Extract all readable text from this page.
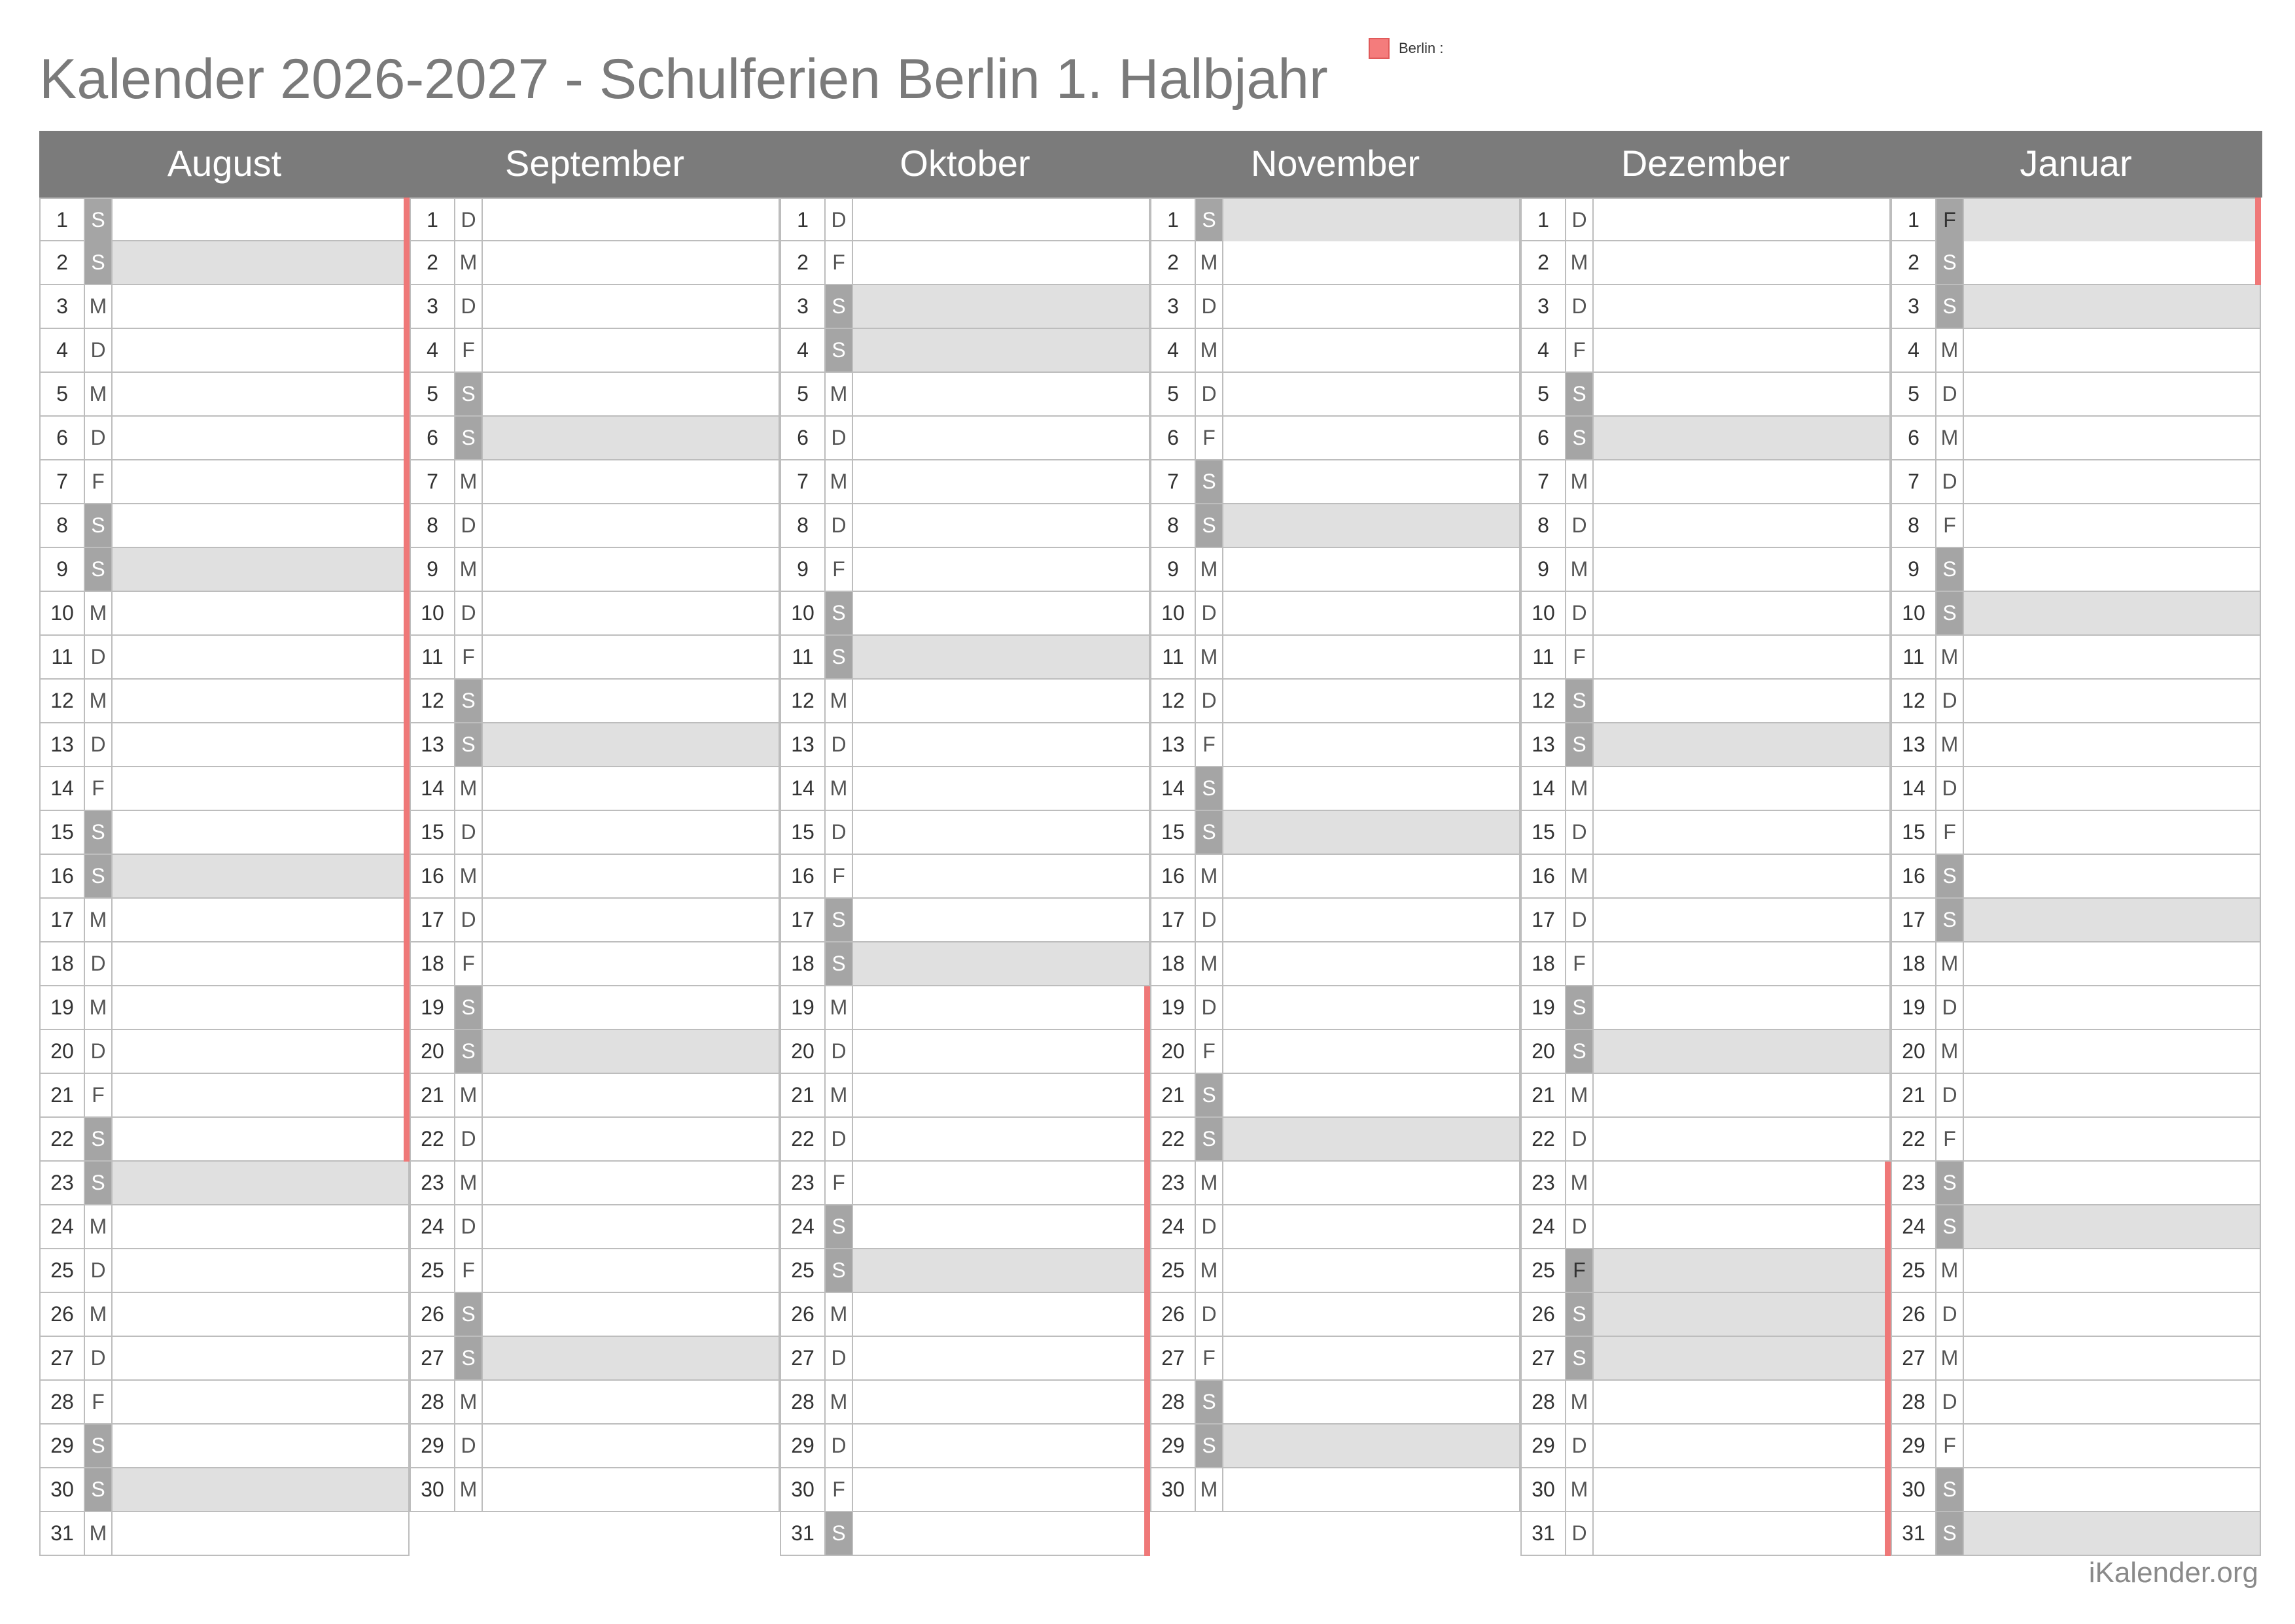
Kalender 2026-2027 - Schulferien Berlin 1. Halbjahr	Berlin :
August
1	S
2	S
3	M
4	D
5	M
6	D
7	F
8	S
9	S
10 M
11 D
12 M
13 D
14 F
15 S
16 S
17 M
18 D
19 M
20 D
21 F
22 S
23 S
24 M
25 D
26 M
27 D
28 F
29 S
30 S
31 M
September
1	D
2	M
3	D
4	F
5	S
6	S
7	M
8	D
9	M
10 D
11 F
12 S
13 S
14 M
15 D
16 M
17 D
18 F
19 S
20 S
21 M
22 D
23 M
24 D
25 F
26 S
27 S
28 M
29 D
30 M
Oktober
1	D
2	F
3	S
4	S
5	M
6	D
7	M
8	D
9	F
10 S
11 S
12 M
13 D
14 M
15 D
16 F
17 S
18 S
19 M
20 D
21 M
22 D
23 F
24 S
25 S
26 M
27 D
28 M
29 D
30 F
31 S
November
1	S
2	M
3	D
4	M
5	D
6	F
7	S
8	S
9	M
10 D
11 M
12 D
13 F
14 S
15 S
16 M
17 D
18 M
19 D
20 F
21 S
22 S
23 M
24 D
25 M
26 D
27 F
28 S
29 S
30 M
Dezember
1	D
2	M
3	D
4	F
5	S
6	S
7	M
8	D
9	M
10 D
11 F
12 S
13 S
14 M
15 D
16 M
17 D
18 F
19 S
20 S
21 M
22 D
23 M
24 D
25 F
26 S
27 S
28 M
29 D
30 M
31 D
Januar
1	F
2	S
3	S
4	M
5	D
6	M
7	D
8	F
9	S
10 S
11 M
12 D
13 M
14 D
15 F
16 S
17 S
18 M
19 D
20 M
21 D
22 F
23 S
24 S
25 M
26 D
27 M
28 D
29 F
30 S
31 S
iKalender.org
